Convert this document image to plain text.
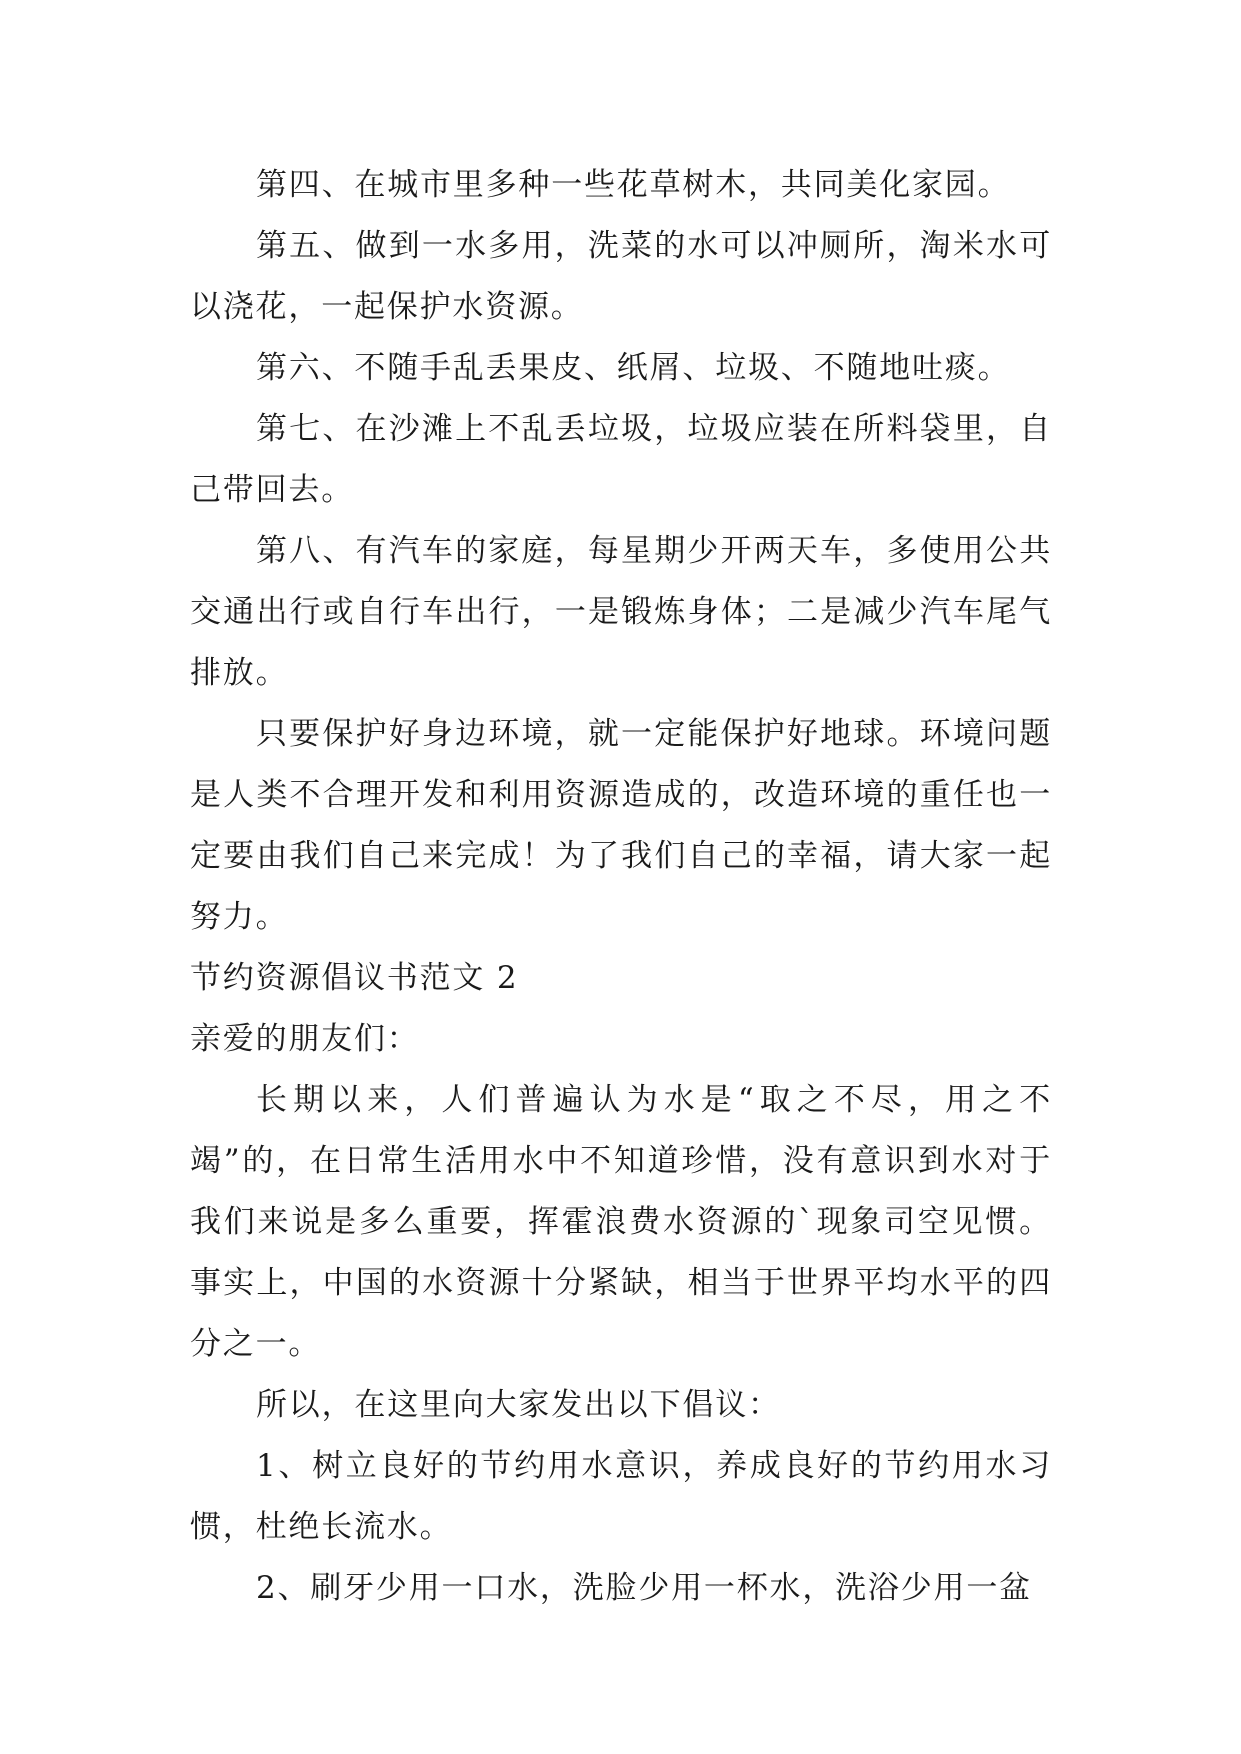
第四、在城市里多种一些花草树木，共同美化家园。

第五、做到一水多用，洗菜的水可以冲厕所，淘米水可以浇花，一起保护水资源。

第六、不随手乱丢果皮、纸屑、垃圾、不随地吐痰。

第七、在沙滩上不乱丢垃圾，垃圾应装在所料袋里，自己带回去。

第八、有汽车的家庭，每星期少开两天车，多使用公共交通出行或自行车出行，一是锻炼身体；二是减少汽车尾气排放。

只要保护好身边环境，就一定能保护好地球。环境问题是人类不合理开发和利用资源造成的，改造环境的重任也一定要由我们自己来完成！为了我们自己的幸福，请大家一起努力。

节约资源倡议书范文 2

亲爱的朋友们：

长期以来，人们普遍认为水是“取之不尽，用之不竭”的，在日常生活用水中不知道珍惜，没有意识到水对于我们来说是多么重要，挥霍浪费水资源的`现象司空见惯。事实上，中国的水资源十分紧缺，相当于世界平均水平的四分之一。

所以，在这里向大家发出以下倡议：

1、树立良好的节约用水意识，养成良好的节约用水习惯，杜绝长流水。

2、刷牙少用一口水，洗脸少用一杯水，洗浴少用一盆
